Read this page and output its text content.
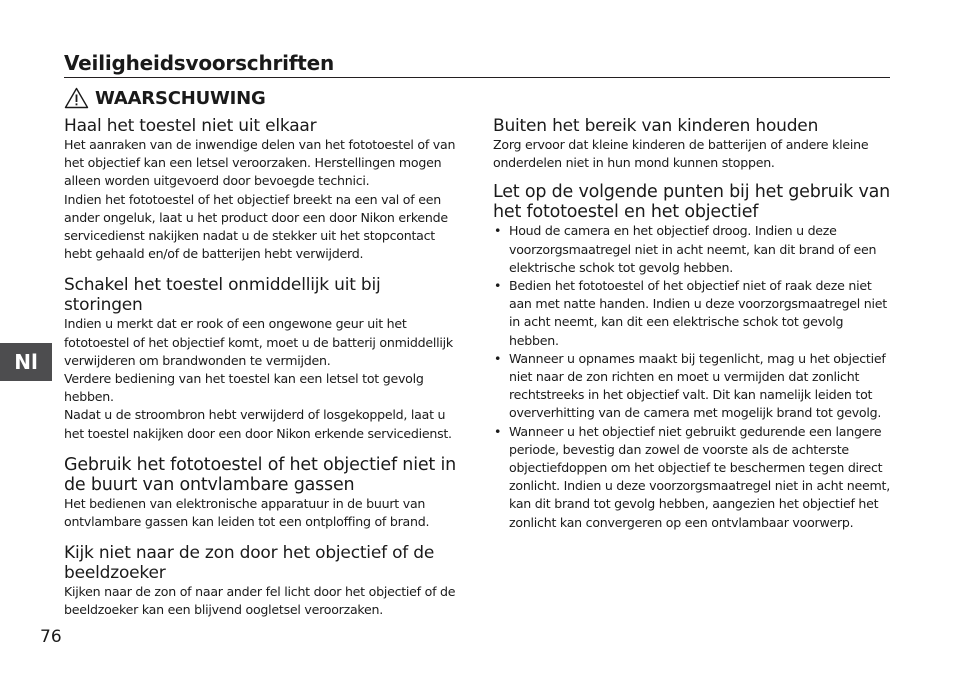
Veiligheidsvoorschriften
WAARSCHUWING
Nl
76
Haal het toestel niet uit elkaar

Het aanraken van de inwendige delen van het fototoestel of van het objectief kan een letsel veroorzaken. Herstellingen mogen alleen worden uitgevoerd door bevoegde technici.

Indien het fototoestel of het objectief breekt na een val of een ander ongeluk, laat u het product door een door Nikon erkende servicedienst nakijken nadat u de stekker uit het stopcontact hebt gehaald en/of de batterijen hebt verwijderd.

Schakel het toestel onmiddellijk uit bij storingen

Indien u merkt dat er rook of een ongewone geur uit het fototoestel of het objectief komt, moet u de batterij onmiddellijk verwijderen om brandwonden te vermijden.

Verdere bediening van het toestel kan een letsel tot gevolg hebben.

Nadat u de stroombron hebt verwijderd of losgekoppeld, laat u het toestel nakijken door een door Nikon erkende servicedienst.

Gebruik het fototoestel of het objectief niet in de buurt van ontvlambare gassen

Het bedienen van elektronische apparatuur in de buurt van ontvlambare gassen kan leiden tot een ontploffing of brand.

Kijk niet naar de zon door het objectief of de beeldzoeker

Kijken naar de zon of naar ander fel licht door het objectief of de beeldzoeker kan een blijvend oogletsel veroorzaken.

Buiten het bereik van kinderen houden

Zorg ervoor dat kleine kinderen de batterijen of andere kleine onderdelen niet in hun mond kunnen stoppen.

Let op de volgende punten bij het gebruik van het fototoestel en het objectief
• Houd de camera en het objectief droog. Indien u deze voorzorgsmaatregel niet in acht neemt, kan dit brand of een elektrische schok tot gevolg hebben.
• Bedien het fototoestel of het objectief niet of raak deze niet aan met natte handen. Indien u deze voorzorgsmaatregel niet in acht neemt, kan dit een elektrische schok tot gevolg hebben.
• Wanneer u opnames maakt bij tegenlicht, mag u het objectief niet naar de zon richten en moet u vermijden dat zonlicht rechtstreeks in het objectief valt. Dit kan namelijk leiden tot oververhitting van de camera met mogelijk brand tot gevolg.
• Wanneer u het objectief niet gebruikt gedurende een langere periode, bevestig dan zowel de voorste als de achterste objectiefdoppen om het objectief te beschermen tegen direct zonlicht. Indien u deze voorzorgsmaatregel niet in acht neemt, kan dit brand tot gevolg hebben, aangezien het objectief het zonlicht kan convergeren op een ontvlambaar voorwerp.
